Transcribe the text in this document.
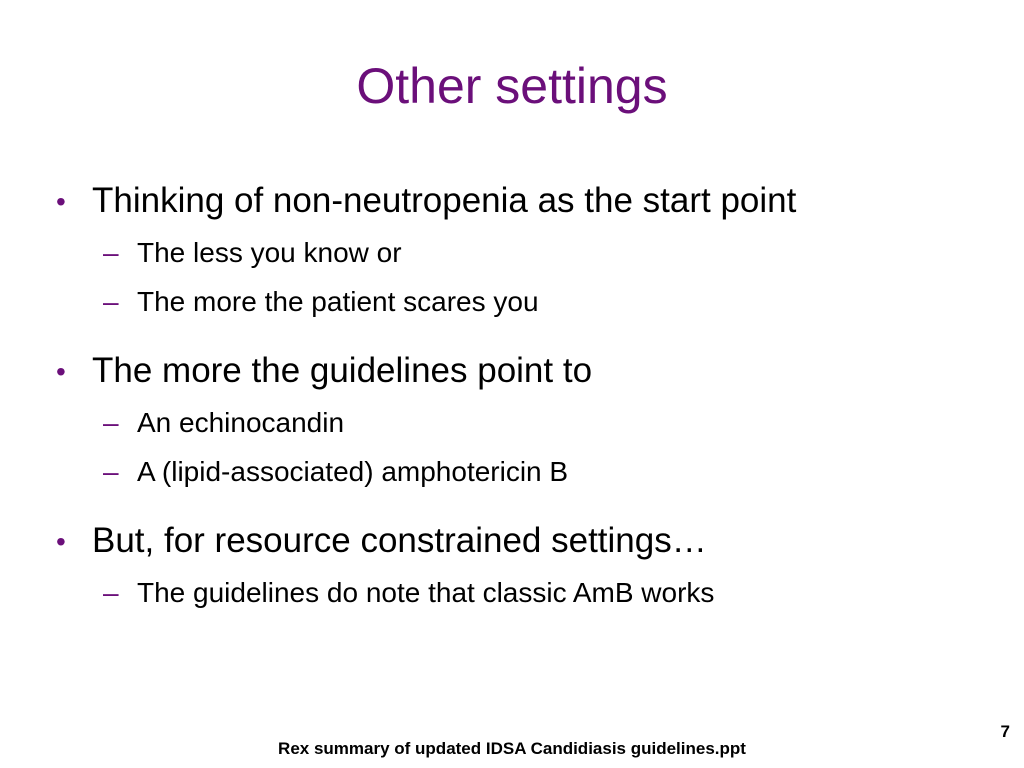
Other settings
• Thinking of non-neutropenia as the start point
– The less you know or
– The more the patient scares you
• The more the guidelines point to
– An echinocandin
– A (lipid-associated) amphotericin B
• But, for resource constrained settings…
– The guidelines do note that classic AmB works
7
Rex summary of updated IDSA Candidiasis guidelines.ppt
